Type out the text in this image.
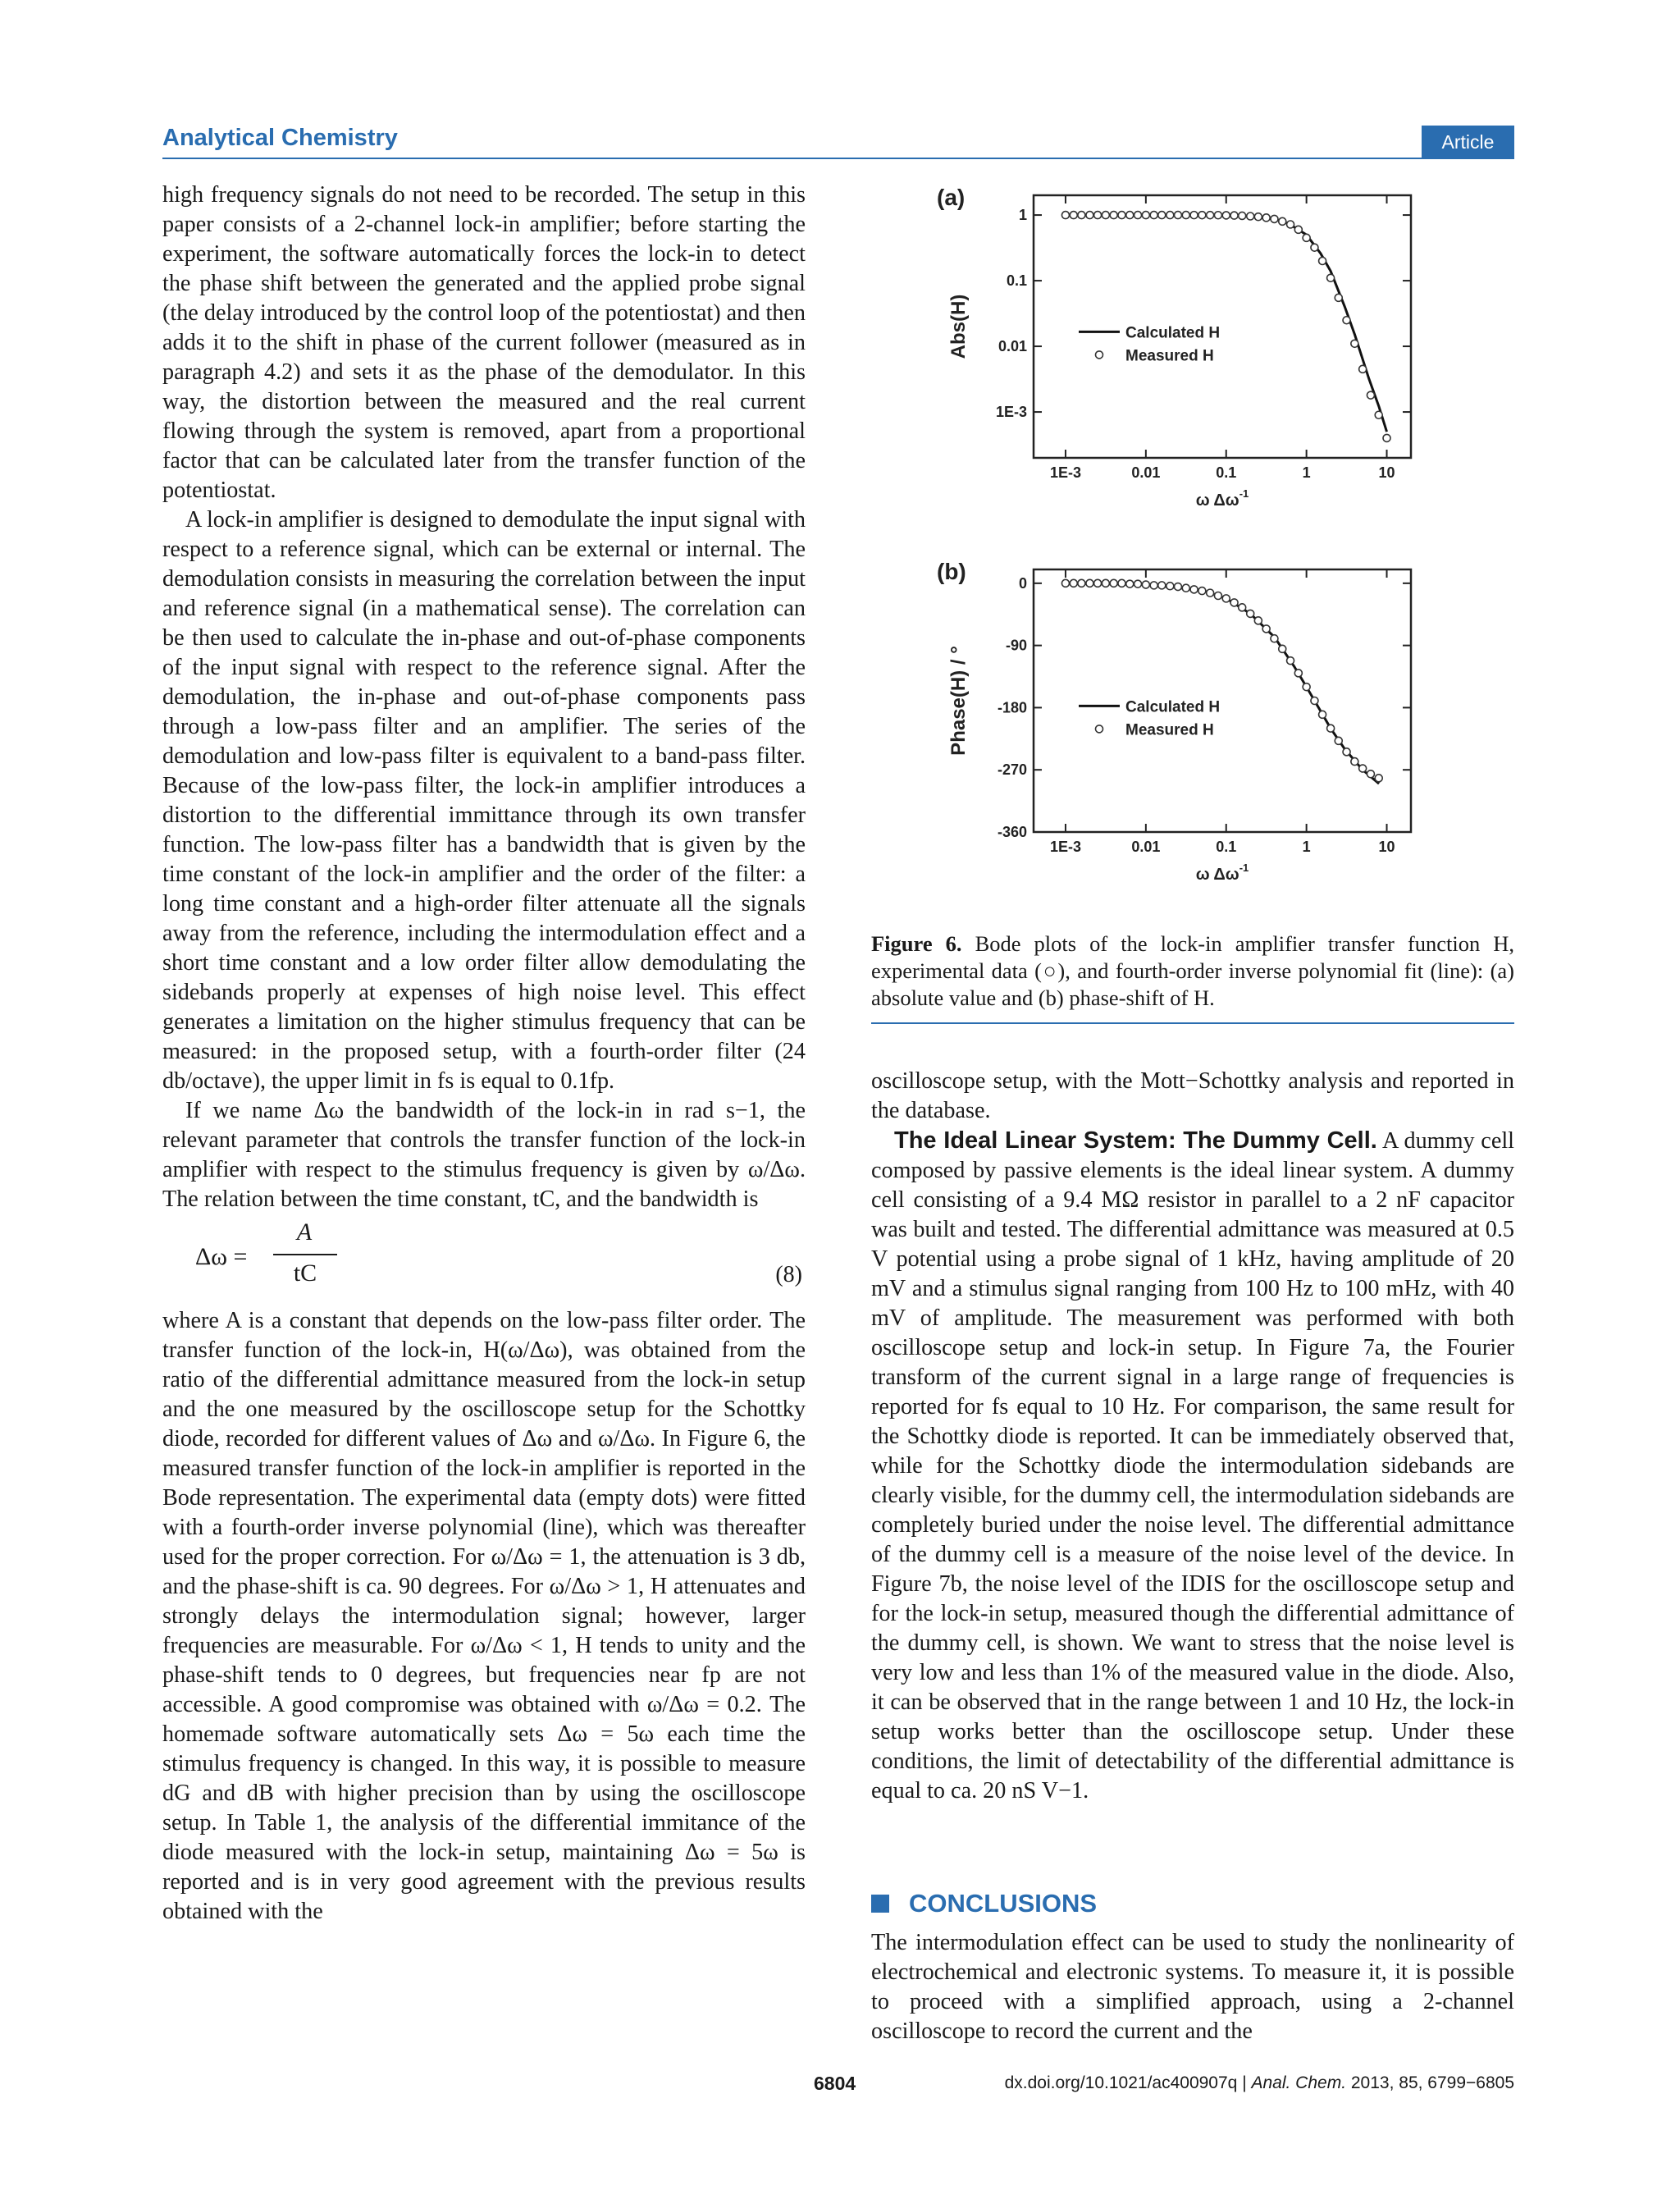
Analytical Chemistry	Article

high frequency signals do not need to be recorded. The setup in this paper consists of a 2-channel lock-in amplifier; before starting the experiment, the software automatically forces the lock-in to detect the phase shift between the generated and the applied probe signal (the delay introduced by the control loop of the potentiostat) and then adds it to the shift in phase of the current follower (measured as in paragraph 4.2) and sets it as the phase of the demodulator. In this way, the distortion between the measured and the real current flowing through the system is removed, apart from a proportional factor that can be calculated later from the transfer function of the potentiostat.

A lock-in amplifier is designed to demodulate the input signal with respect to a reference signal, which can be external or internal. The demodulation consists in measuring the correlation between the input and reference signal (in a mathematical sense). The correlation can be then used to calculate the in-phase and out-of-phase components of the input signal with respect to the reference signal. After the demodulation, the in-phase and out-of-phase components pass through a low-pass filter and an amplifier. The series of the demodulation and low-pass filter is equivalent to a band-pass filter. Because of the low-pass filter, the lock-in amplifier introduces a distortion to the differential immittance through its own transfer function. The low-pass filter has a bandwidth that is given by the time constant of the lock-in amplifier and the order of the filter: a long time constant and a high-order filter attenuate all the signals away from the reference, including the intermodulation effect and a short time constant and a low order filter allow demodulating the sidebands properly at expenses of high noise level. This effect generates a limitation on the higher stimulus frequency that can be measured: in the proposed setup, with a fourth-order filter (24 db/octave), the upper limit in fs is equal to 0.1fp.

If we name Δω the bandwidth of the lock-in in rad s−1, the relevant parameter that controls the transfer function of the lock-in amplifier with respect to the stimulus frequency is given by ω/Δω. The relation between the time constant, tC, and the bandwidth is

Δω =
A
tC	(8)

where A is a constant that depends on the low-pass filter order. The transfer function of the lock-in, H(ω/Δω), was obtained from the ratio of the differential admittance measured from the lock-in setup and the one measured by the oscilloscope setup for the Schottky diode, recorded for different values of Δω and ω/Δω. In Figure 6, the measured transfer function of the lock-in amplifier is reported in the Bode representation. The experimental data (empty dots) were fitted with a fourth-order inverse polynomial (line), which was thereafter used for the proper correction. For ω/Δω = 1, the attenuation is 3 db, and the phase-shift is ca. 90 degrees. For ω/Δω > 1, H attenuates and strongly delays the intermodulation signal; however, larger frequencies are measurable. For ω/Δω < 1, H tends to unity and the phase-shift tends to 0 degrees, but frequencies near fp are not accessible. A good compromise was obtained with ω/Δω = 0.2. The homemade software automatically sets Δω = 5ω each time the stimulus frequency is changed. In this way, it is possible to measure dG and dB with higher precision than by using the oscilloscope setup. In Table 1, the analysis of the differential immitance of the diode measured with the lock-in setup, maintaining Δω = 5ω is reported and is in very good agreement with the previous results obtained with the

(a)
1E-3	0.01	0.1	1	10
1
0.1
0.01
1E-3
ω $\Delta\omega^{-1}$
Abs(H)	Calculated H
Measured H
(b)
1E-3	0.01	0.1	1	10
0
-90
-180
-270
-360
ω $\Delta\omega^{-1}$
Phase(H) / °	Calculated H
Measured H
Figure 6. Bode plots of the lock-in amplifier transfer function H, experimental data (○), and fourth-order inverse polynomial fit (line): (a) absolute value and (b) phase-shift of H.

oscilloscope setup, with the Mott−Schottky analysis and reported in the database.

The Ideal Linear System: The Dummy Cell. A dummy cell composed by passive elements is the ideal linear system. A dummy cell consisting of a 9.4 MΩ resistor in parallel to a 2 nF capacitor was built and tested. The differential admittance was measured at 0.5 V potential using a probe signal of 1 kHz, having amplitude of 20 mV and a stimulus signal ranging from 100 Hz to 100 mHz, with 40 mV of amplitude. The measurement was performed with both oscilloscope setup and lock-in setup. In Figure 7a, the Fourier transform of the current signal in a large range of frequencies is reported for fs equal to 10 Hz. For comparison, the same result for the Schottky diode is reported. It can be immediately observed that, while for the Schottky diode the intermodulation sidebands are clearly visible, for the dummy cell, the intermodulation sidebands are completely buried under the noise level. The differential admittance of the dummy cell is a measure of the noise level of the device. In Figure 7b, the noise level of the IDIS for the oscilloscope setup and for the lock-in setup, measured though the differential admittance of the dummy cell, is shown. We want to stress that the noise level is very low and less than 1% of the measured value in the diode. Also, it can be observed that in the range between 1 and 10 Hz, the lock-in setup works better than the oscilloscope setup. Under these conditions, the limit of detectability of the differential admittance is equal to ca. 20 nS V−1.

CONCLUSIONS

The intermodulation effect can be used to study the nonlinearity of electrochemical and electronic systems. To measure it, it is possible to proceed with a simplified approach, using a 2-channel oscilloscope to record the current and the

6804	dx.doi.org/10.1021/ac400907q | Anal. Chem. 2013, 85, 6799−6805
